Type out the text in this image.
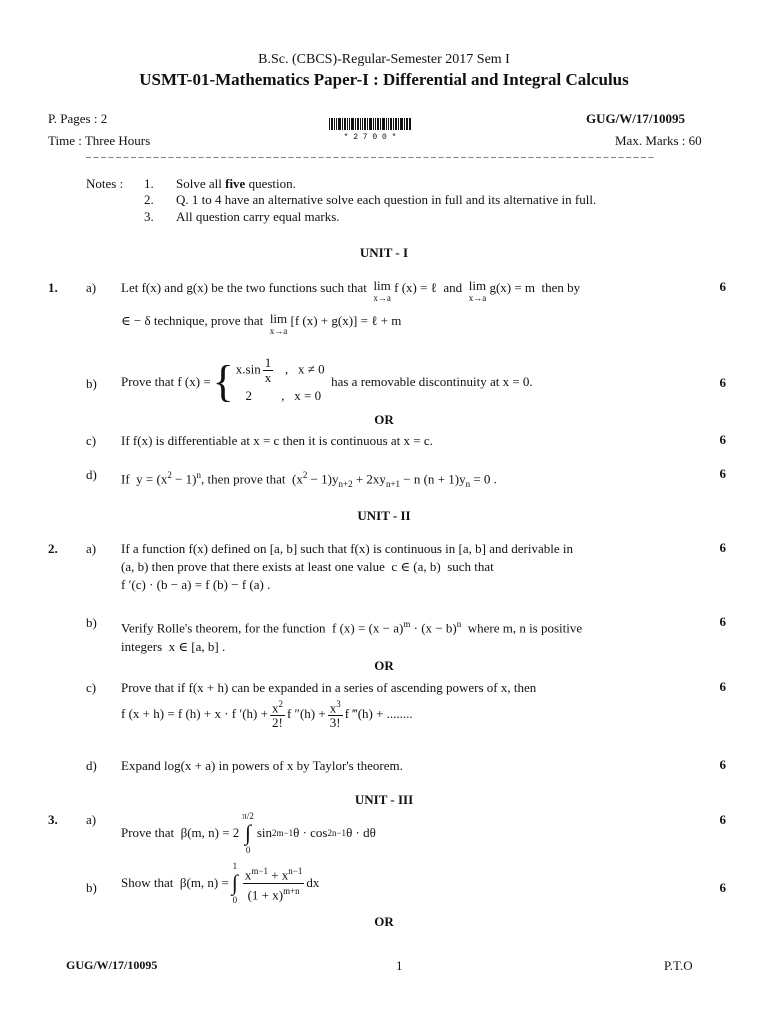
B.Sc. (CBCS)-Regular-Semester 2017 Sem I
USMT-01-Mathematics Paper-I : Differential and Integral Calculus
P. Pages : 2	GUG/W/17/10095
Time : Three Hours	Max. Marks : 60
* 2 7 0 0 *
_ _ _ _ _ _ _ _ _ _ _ _ _ _ _ _ _ _ _ _ _ _ _ _ _ _ _ _ _ _ _ _ _ _ _ _ _ _ _ _ _ _ _ _ _ _ _ _ _ _ _ _ _ _ _ _ _ _ _ _ _ _ _ _ _ _ _ _ _ _ _ _ _ _ _ _
Notes : 1. Solve all five question.
2. Q. 1 to 4 have an alternative solve each question in full and its alternative in full.
3. All question carry equal marks.
UNIT - I
1. a) Let f(x) and g(x) be the two functions such that lim
x→a
f (x) = ℓ  and lim
x→a
g(x) = m  then by	6
∈ − δ technique, prove that lim
x→a
[f (x) + g(x)] = ℓ + m
b) Prove that
f (x) = { $x.\sin \frac{1}{x}$ ,   x ≠ 0
2         ,   x = 0

has a removable discontinuity at x = 0.	6
OR
c) If f(x) is differentiable at x = c then it is continuous at x = c.	6
d) If  $y = (x^2 - 1)^n$, then prove that  $(x^2 - 1)y_{n+2} + 2xy_{n+1} - n$ $(n + 1)y_n = 0$ .	6
UNIT - II
2. a) If a function f(x) defined on [a, b] such that f(x) is continuous in [a, b] and derivable in	6
(a, b) then prove that there exists at least one value  c ∈ (a, b)  such that
f ′(c) · (b − a) = f (b) − f (a) .
b) Verify Rolle's theorem, for the function  f $(x) = (x - a)^m \cdot (x - b)^n$ where m, n is positive	6
integers  x ∈ [a, b] .
OR
c) Prove that if f(x + h) can be expanded in a series of ascending powers of x, then	6
f (x + h) = f (h) + x · f $'(h) + \frac{x^2}{2!}$ f $''(h) + \frac{x^3}{3!}$ f ‴(h) + ........
d) Expand log(x + a) in powers of x by Taylor's theorem.	6
UNIT - III
3. a)	6
Prove that β(m, n) = 2
π/2
∫
0
sin 2m−1 θ · cos 2n−1 θ · dθ
b)	6
Show that β(m, n) =
1
∫
$0 \frac{x^{m-1} + x^{n-1}}{(1 + x)^{m+n}}$ dx
OR
GUG/W/17/10095	1	P.T.O
